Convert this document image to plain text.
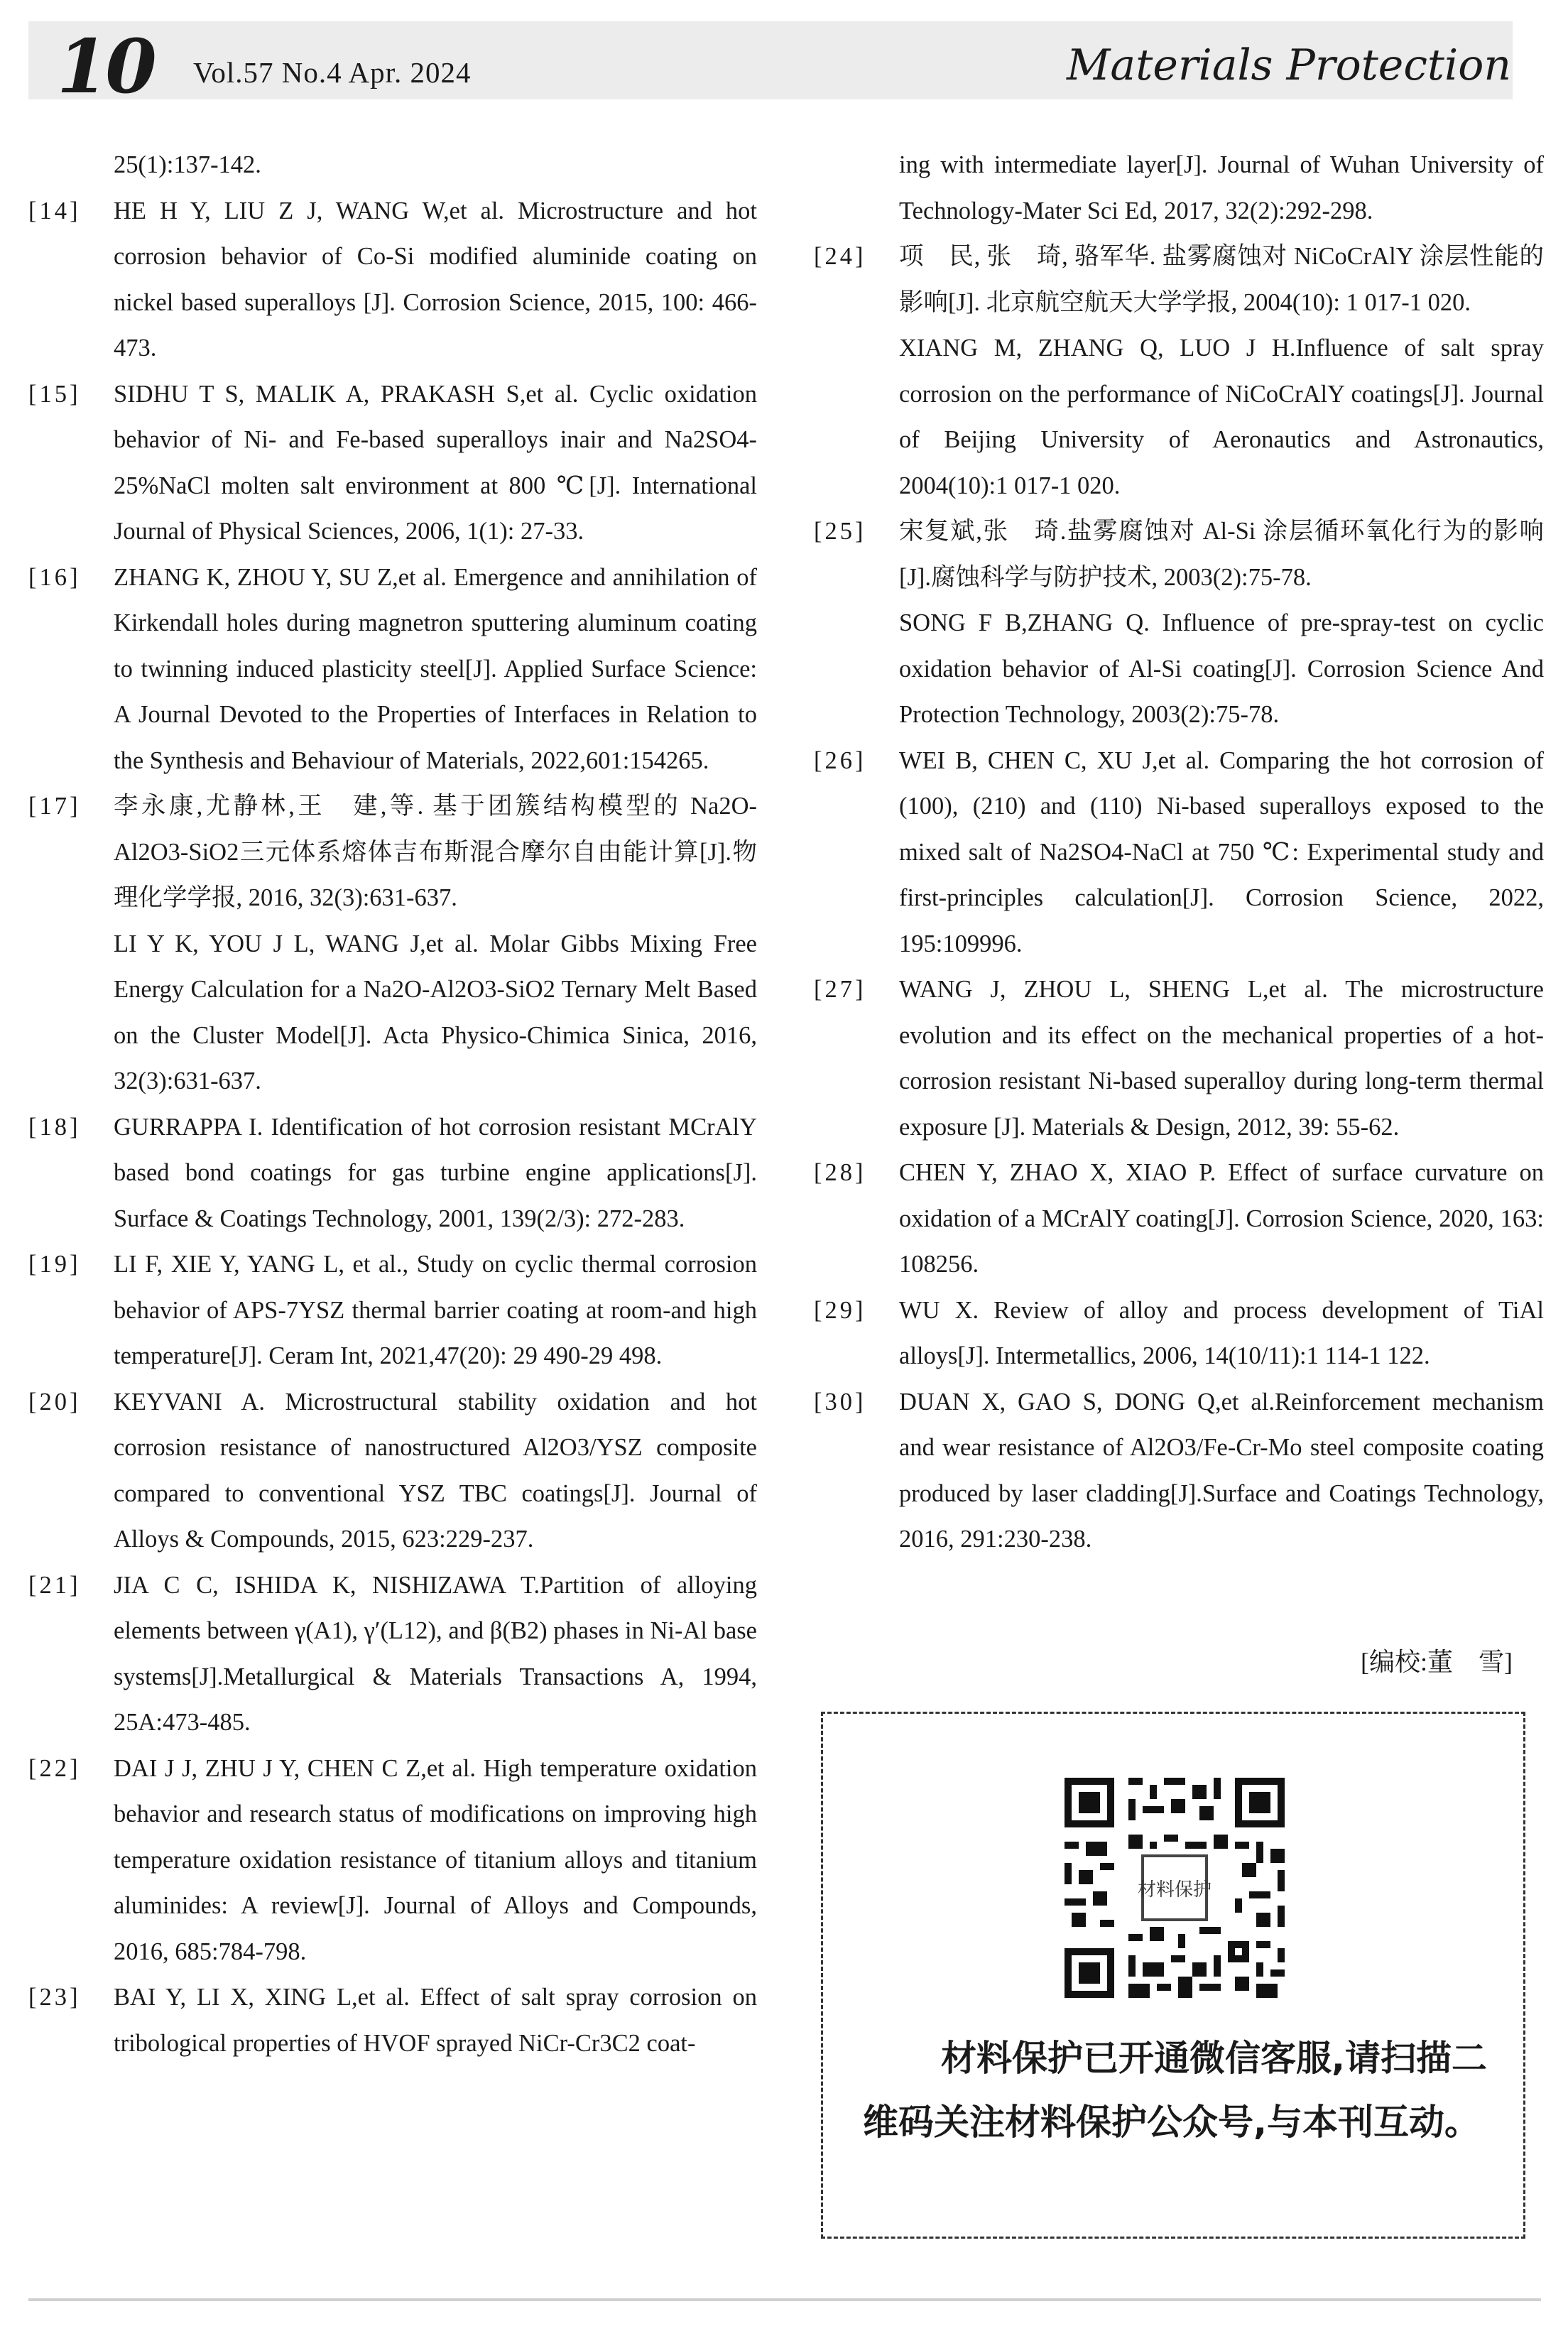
10 Vol.57 No.4 Apr. 2024	Materials Protection
25(1):137-142.
[14]	HE H Y, LIU Z J, WANG W,et al. Microstructure and hot corrosion behavior of Co-Si modified aluminide coating on nickel based superalloys [J]. Corrosion Science, 2015, 100: 466-473.
[15]	SIDHU T S, MALIK A, PRAKASH S,et al. Cyclic oxidation behavior of Ni- and Fe-based superalloys inair and Na2SO4-25%NaCl molten salt environment at 800 ℃[J]. International Journal of Physical Sciences, 2006, 1(1): 27-33.
[16]	ZHANG K, ZHOU Y, SU Z,et al. Emergence and annihilation of Kirkendall holes during magnetron sputtering aluminum coating to twinning induced plasticity steel[J]. Applied Surface Science: A Journal Devoted to the Properties of Interfaces in Relation to the Synthesis and Behaviour of Materials, 2022,601:154265.
[17]	李永康,尤静林,王　建,等. 基于团簇结构模型的 Na2O-Al2O3-SiO2三元体系熔体吉布斯混合摩尔自由能计算[J].物理化学学报, 2016, 32(3):631-637.
LI Y K, YOU J L, WANG J,et al. Molar Gibbs Mixing Free Energy Calculation for a Na2O-Al2O3-SiO2 Ternary Melt Based on the Cluster Model[J]. Acta Physico-Chimica Sinica, 2016, 32(3):631-637.
[18]	GURRAPPA I. Identification of hot corrosion resistant MCrAlY based bond coatings for gas turbine engine applications[J]. Surface & Coatings Technology, 2001, 139(2/3): 272-283.
[19]	LI F, XIE Y, YANG L, et al., Study on cyclic thermal corrosion behavior of APS-7YSZ thermal barrier coating at room-and high temperature[J]. Ceram Int, 2021,47(20): 29 490-29 498.
[20]	KEYVANI A. Microstructural stability oxidation and hot corrosion resistance of nanostructured Al2O3/YSZ composite compared to conventional YSZ TBC coatings[J]. Journal of Alloys & Compounds, 2015, 623:229-237.
[21]	JIA C C, ISHIDA K, NISHIZAWA T.Partition of alloying elements between γ(A1), γ′(L12), and β(B2) phases in Ni-Al base systems[J].Metallurgical & Materials Transactions A, 1994, 25A:473-485.
[22]	DAI J J, ZHU J Y, CHEN C Z,et al. High temperature oxidation behavior and research status of modifications on improving high temperature oxidation resistance of titanium alloys and titanium aluminides: A review[J]. Journal of Alloys and Compounds, 2016, 685:784-798.
[23]	BAI Y, LI X, XING L,et al. Effect of salt spray corrosion on tribological properties of HVOF sprayed NiCr-Cr3C2 coat-
ing with intermediate layer[J]. Journal of Wuhan University of Technology-Mater Sci Ed, 2017, 32(2):292-298.
[24]	项　民, 张　琦, 骆军华. 盐雾腐蚀对 NiCoCrAlY 涂层性能的影响[J]. 北京航空航天大学学报, 2004(10): 1 017-1 020.
XIANG M, ZHANG Q, LUO J H.Influence of salt spray corrosion on the performance of NiCoCrAlY coatings[J]. Journal of Beijing University of Aeronautics and Astronautics, 2004(10):1 017-1 020.
[25]	宋复斌,张　琦.盐雾腐蚀对 Al-Si 涂层循环氧化行为的影响[J].腐蚀科学与防护技术, 2003(2):75-78.
SONG F B,ZHANG Q. Influence of pre-spray-test on cyclic oxidation behavior of Al-Si coating[J]. Corrosion Science And Protection Technology, 2003(2):75-78.
[26]	WEI B, CHEN C, XU J,et al. Comparing the hot corrosion of (100), (210) and (110) Ni-based superalloys exposed to the mixed salt of Na2SO4-NaCl at 750 ℃: Experimental study and first-principles calculation[J]. Corrosion Science, 2022, 195:109996.
[27]	WANG J, ZHOU L, SHENG L,et al. The microstructure evolution and its effect on the mechanical properties of a hot-corrosion resistant Ni-based superalloy during long-term thermal exposure [J]. Materials & Design, 2012, 39: 55-62.
[28]	CHEN Y, ZHAO X, XIAO P. Effect of surface curvature on oxidation of a MCrAlY coating[J]. Corrosion Science, 2020, 163: 108256.
[29]	WU X. Review of alloy and process development of TiAl alloys[J]. Intermetallics, 2006, 14(10/11):1 114-1 122.
[30]	DUAN X, GAO S, DONG Q,et al.Reinforcement mechanism and wear resistance of Al2O3/Fe-Cr-Mo steel composite coating produced by laser cladding[J].Surface and Coatings Technology, 2016, 291:230-238.
[编校:董　雪]
材料保护
材料保护已开通微信客服,请扫描二维码关注材料保护公众号,与本刊互动。
